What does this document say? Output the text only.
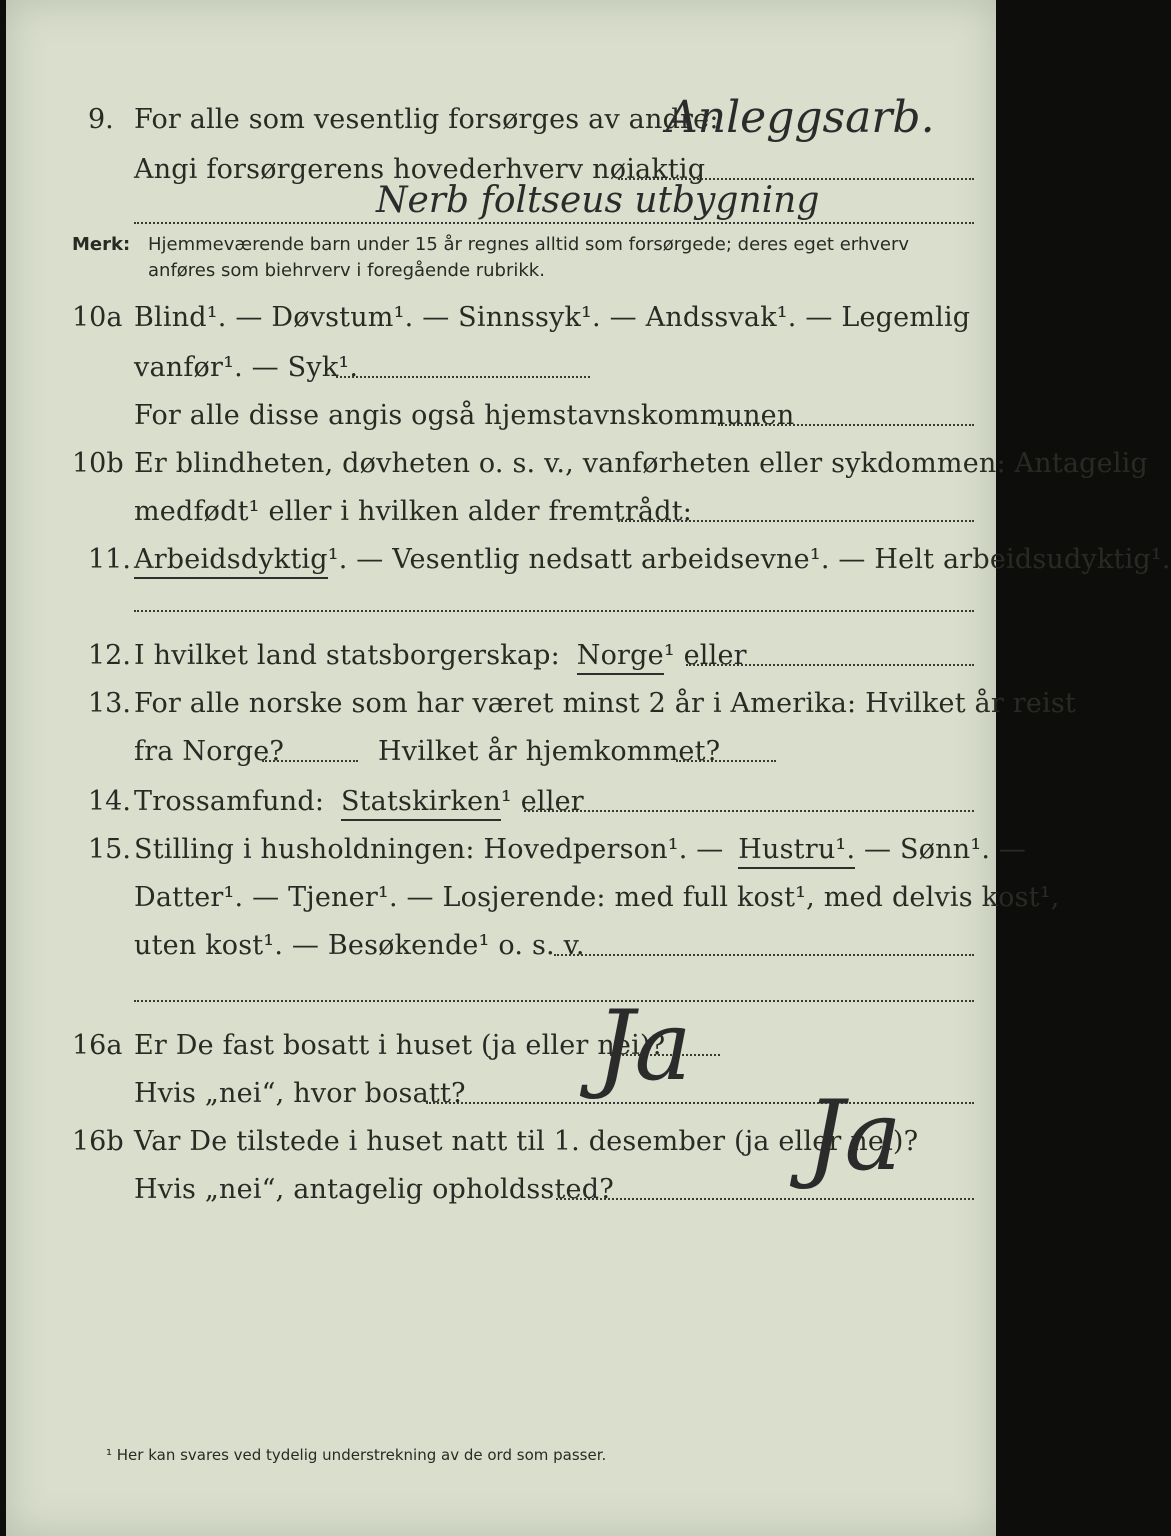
9. For alle som vesentlig forsørges av andre:
Anleggsarb.
Angi forsørgerens hovederhverv nøiaktig
Nerb foltseus utbygning
Merk: Hjemmeværende barn under 15 år regnes alltid som forsørgede; deres eget erhverv
anføres som biehrverv i foregående rubrikk.
10a Blind¹. — Døvstum¹. — Sinnssyk¹. — Andssvak¹. — Legemlig
vanfør¹. — Syk¹.
For alle disse angis også hjemstavnskommunen
10b Er blindheten, døvheten o. s. v., vanførheten eller sykdommen: Antagelig
medfødt¹ eller i hvilken alder fremtrådt:
11. Arbeidsdyktig¹. — Vesentlig nedsatt arbeidsevne¹. — Helt arbeidsudyktig¹.
12. I hvilket land statsborgerskap: Norge¹ eller
13. For alle norske som har været minst 2 år i Amerika: Hvilket år reist
fra Norge?	Hvilket år hjemkommet?
14. Trossamfund: Statskirken¹ eller
15. Stilling i husholdningen: Hovedperson¹. — Hustru¹. — Sønn¹. —
Datter¹. — Tjener¹. — Losjerende: med full kost¹, med delvis kost¹,
uten kost¹. — Besøkende¹ o. s. v.
16a Er De fast bosatt i huset (ja eller nei)?
Ja
Hvis „nei“, hvor bosatt?
16b Var De tilstede i huset natt til 1. desember (ja eller nei)?
Ja
Hvis „nei“, antagelig opholdssted?
¹ Her kan svares ved tydelig understrekning av de ord som passer.
